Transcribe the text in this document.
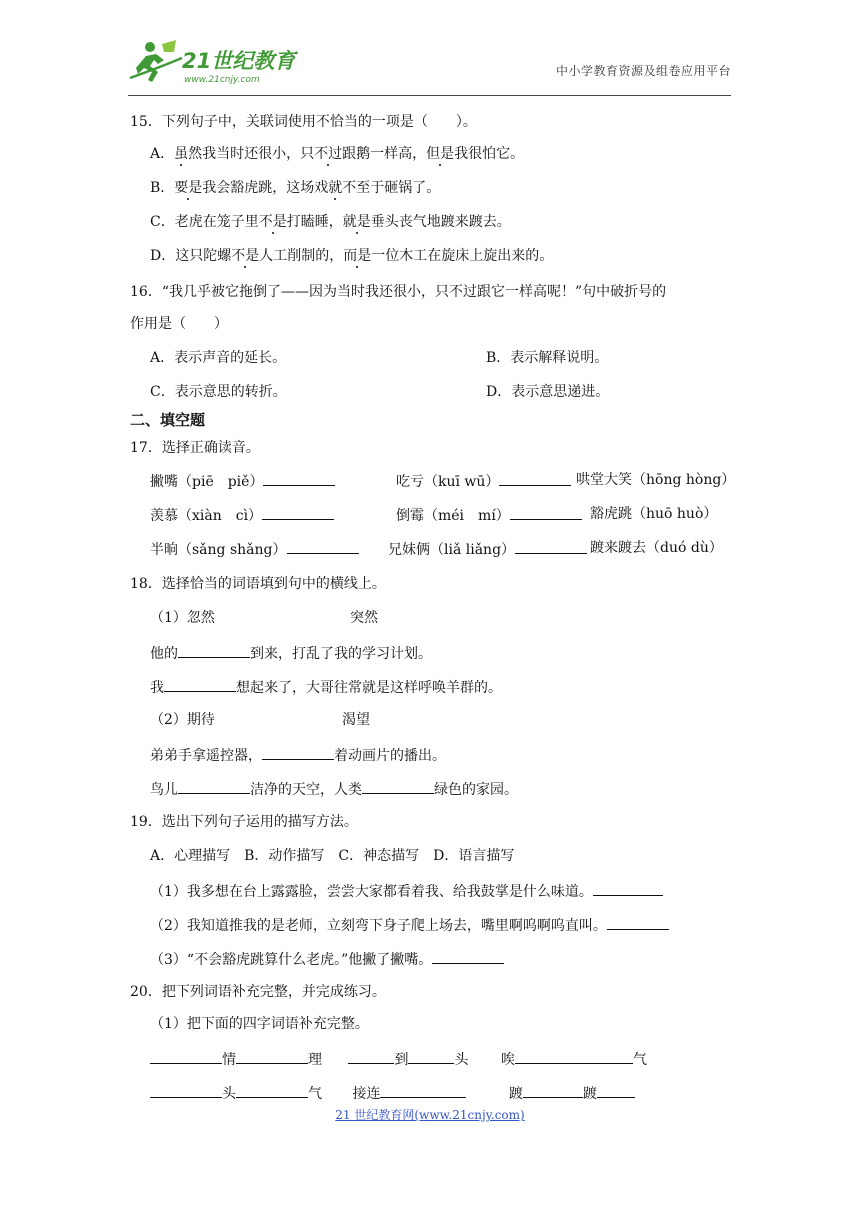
21世纪教育
www.21cnjy.com
中小学教育资源及组卷应用平台
15．下列句子中，关联词使用不恰当的一项是（　　）。
A．虽然我当时还很小，只不过跟鹅一样高，但是我很怕它。
B．要是我会豁虎跳，这场戏就不至于砸锅了。
C．老虎在笼子里不是打瞌睡，就是垂头丧气地踱来踱去。
D．这只陀螺不是人工削制的，而是一位木工在旋床上旋出来的。
16．“我几乎被它拖倒了——因为当时我还很小，只不过跟它一样高呢！”句中破折号的
作用是（　　）
A．表示声音的延长。	B．表示解释说明。
C．表示意思的转折。	D．表示意思递进。
二、填空题
17．选择正确读音。
撇嘴（piē　piě）	吃亏（kuī wū）	哄堂大笑（hōng hòng）
羡慕（xiàn　cì）	倒霉（méi　mí）	豁虎跳（huō huò）
半晌（sǎng shǎng）	兄妹俩（liǎ liǎng）	踱来踱去（duó dù）
18．选择恰当的词语填到句中的横线上。
（1）忽然	突然
他的	到来，打乱了我的学习计划。
我	想起来了，大哥往常就是这样呼唤羊群的。
（2）期待	渴望
弟弟手拿遥控器，	着动画片的播出。
鸟儿	洁净的天空，人类	绿色的家园。
19．选出下列句子运用的描写方法。
A．心理描写　B．动作描写　C．神态描写　D．语言描写
（1）我多想在台上露露脸，尝尝大家都看着我、给我鼓掌是什么味道。
（2）我知道推我的是老师，立刻弯下身子爬上场去，嘴里啊呜啊呜直叫。
（3）“不会豁虎跳算什么老虎。”他撇了撇嘴。
20．把下列词语补充完整，并完成练习。
（1）把下面的四字词语补充完整。
情	理	到	头 唉	气
头	气 接连	踱	踱
21 世纪教育网(www.21cnjy.com)
